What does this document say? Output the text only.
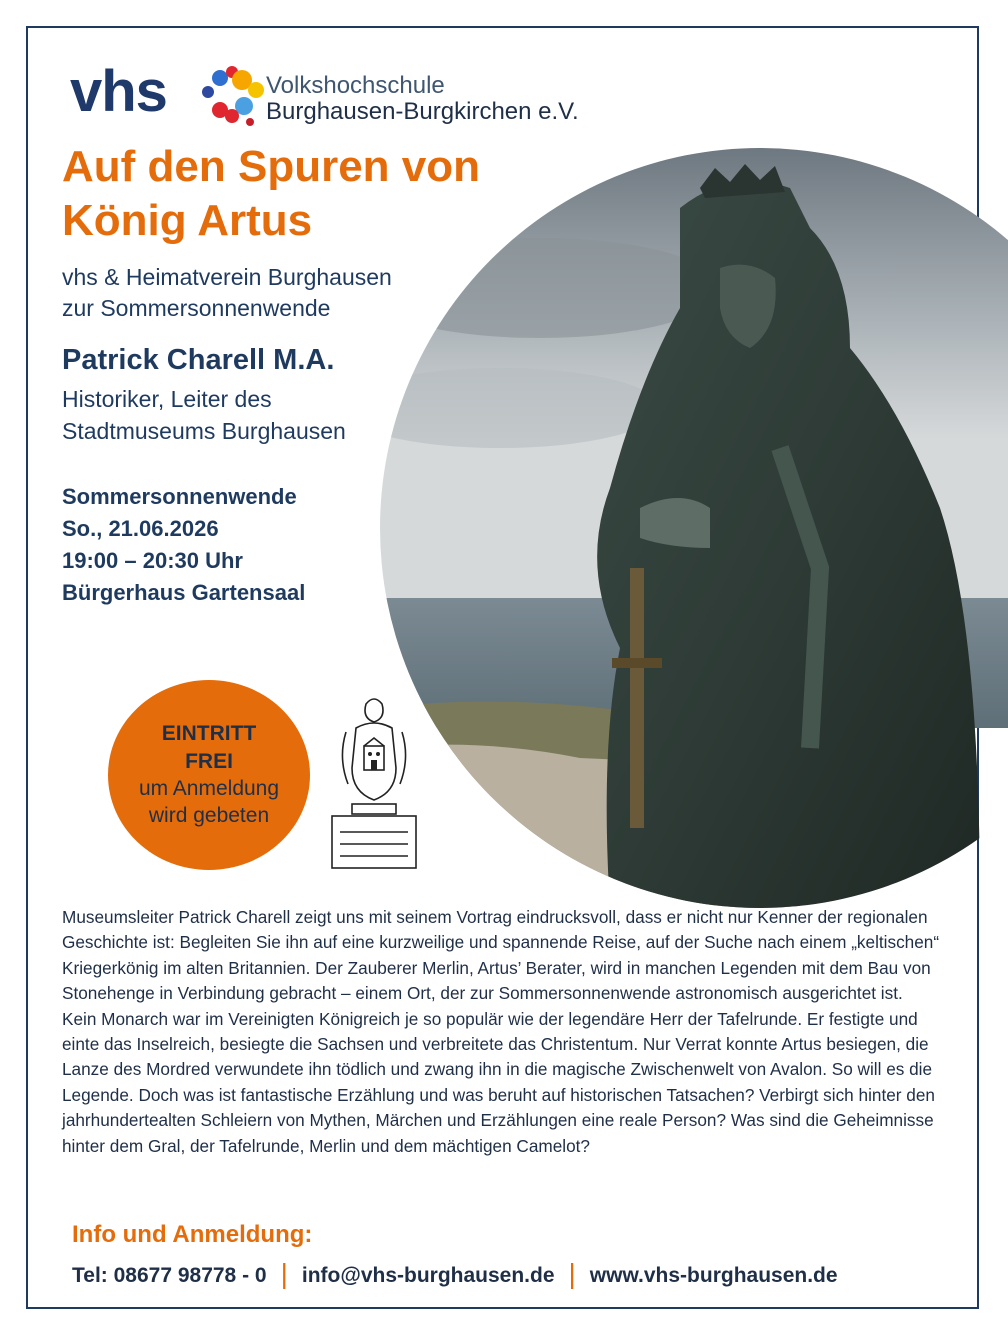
vhs	Volkshochschule
Burghausen-Burgkirchen e.V.
Auf den Spuren von
König Artus
vhs & Heimatverein Burghausen
zur Sommersonnenwende
Patrick Charell M.A.
Historiker, Leiter des
Stadtmuseums Burghausen
Sommersonnenwende
So., 21.06.2026
19:00 – 20:30 Uhr
Bürgerhaus Gartensaal
EINTRITT
FREI
um Anmeldung
wird gebeten

Museumsleiter Patrick Charell zeigt uns mit seinem Vortrag eindrucksvoll, dass er nicht nur Kenner der regionalen Geschichte ist: Begleiten Sie ihn auf eine kurzweilige und spannende Reise, auf der Suche nach einem „keltischen“ Kriegerkönig im alten Britannien. Der Zauberer Merlin, Artus’ Berater, wird in manchen Legenden mit dem Bau von Stonehenge in Verbindung gebracht – einem Ort, der zur Sommersonnenwende astronomisch ausgerichtet ist.

Kein Monarch war im Vereinigten Königreich je so populär wie der legendäre Herr der Tafelrunde. Er festigte und einte das Inselreich, besiegte die Sachsen und verbreitete das Christentum. Nur Verrat konnte Artus besiegen, die Lanze des Mordred verwundete ihn tödlich und zwang ihn in die magische Zwischenwelt von Avalon. So will es die Legende. Doch was ist fantastische Erzählung und was beruht auf historischen Tatsachen? Verbirgt sich hinter den jahrhundertealten Schleiern von Mythen, Märchen und Erzählungen eine reale Person? Was sind die Geheimnisse hinter dem Gral, der Tafelrunde, Merlin und dem mächtigen Camelot?

Info und Anmeldung:
Tel: 08677 98778 - 0 | info@vhs-burghausen.de | www.vhs-burghausen.de
